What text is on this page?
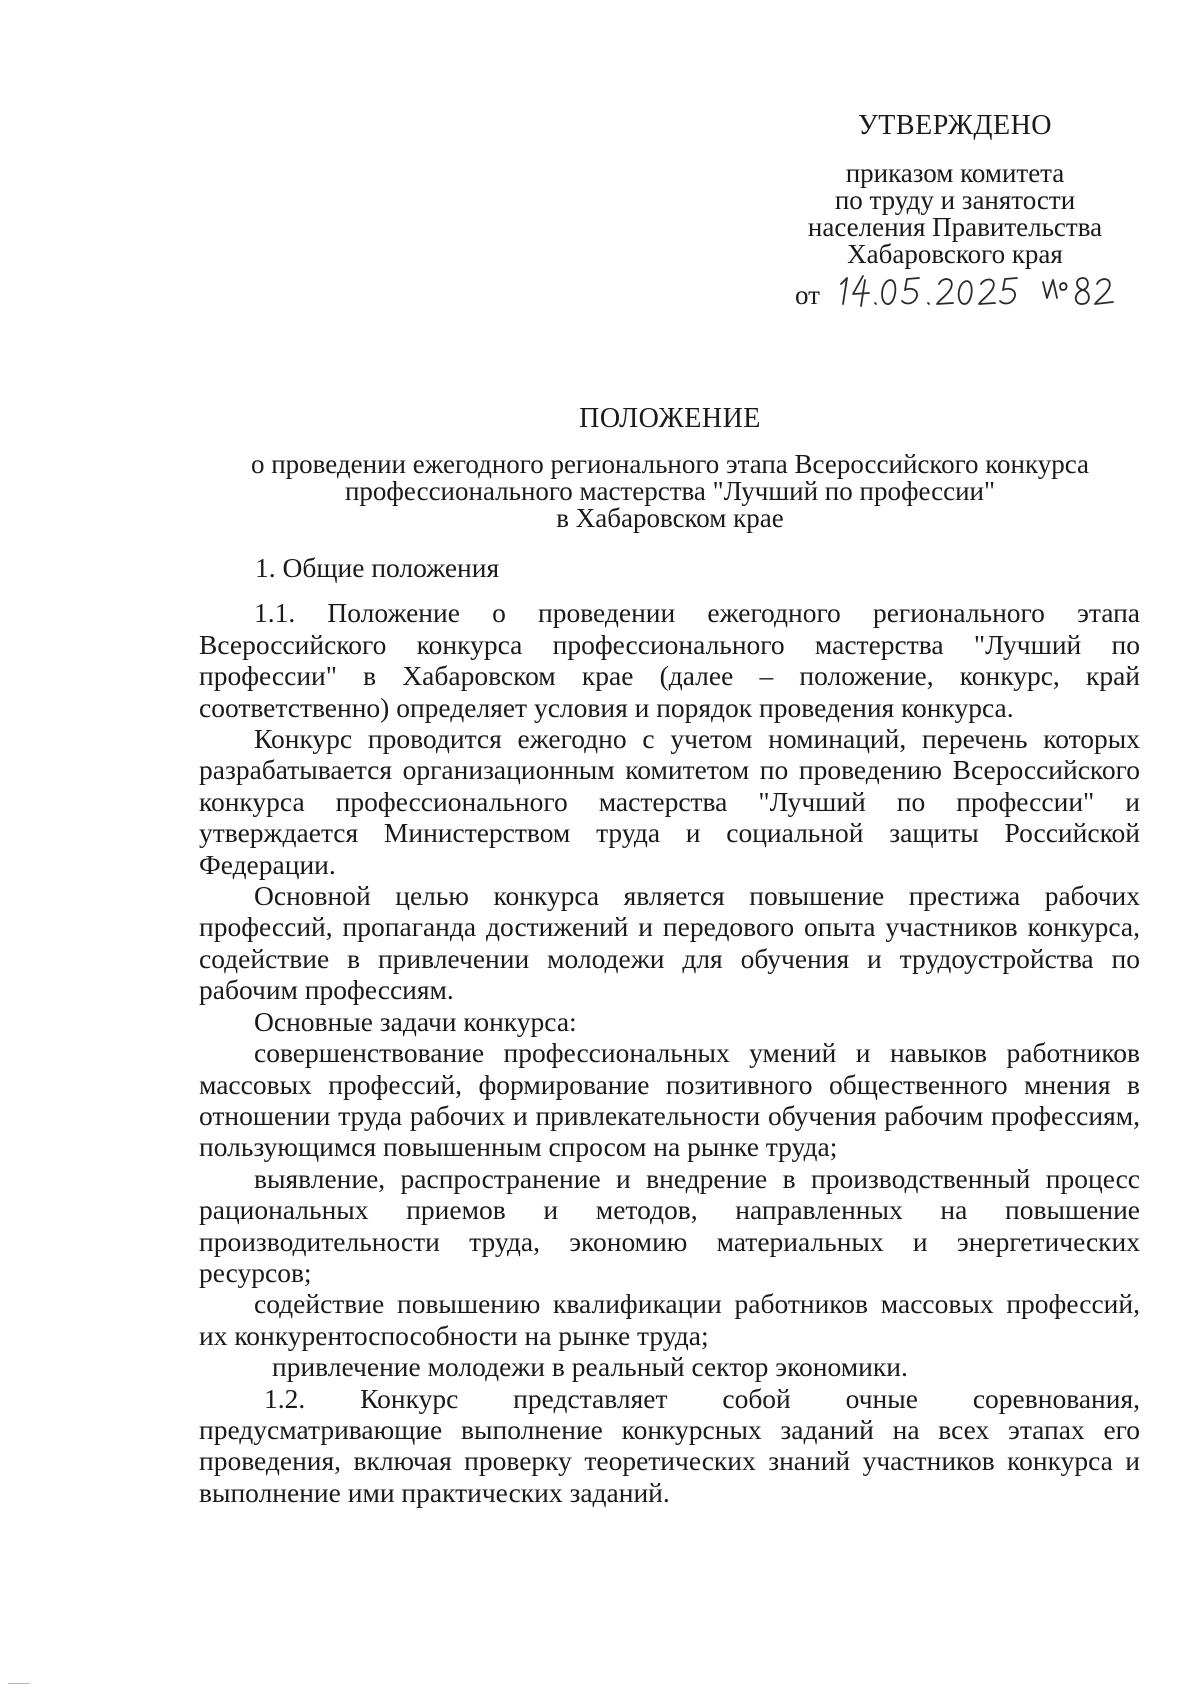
УТВЕРЖДЕНО
приказом комитета
по труду и занятости
населения Правительства
Хабаровского края
от
ПОЛОЖЕНИЕ
о проведении ежегодного регионального этапа Всероссийского конкурса
профессионального мастерства "Лучший по профессии"
в Хабаровском крае

1. Общие положения

1.1. Положение о проведении ежегодного регионального этапа Всероссийского конкурса профессионального мастерства "Лучший по профессии" в Хабаровском крае (далее – положение, конкурс, край соответственно) определяет условия и порядок проведения конкурса.

Конкурс проводится ежегодно с учетом номинаций, перечень которых разрабатывается организационным комитетом по проведению Всероссийского конкурса профессионального мастерства "Лучший по профессии" и утверждается Министерством труда и социальной защиты Российской Федерации.

Основной целью конкурса является повышение престижа рабочих профессий, пропаганда достижений и передового опыта участников конкурса, содействие в привлечении молодежи для обучения и трудоустройства по рабочим профессиям.

Основные задачи конкурса:

совершенствование профессиональных умений и навыков работников массовых профессий, формирование позитивного общественного мнения в отношении труда рабочих и привлекательности обучения рабочим профессиям, пользующимся повышенным спросом на рынке труда;

выявление, распространение и внедрение в производственный процесс рациональных приемов и методов, направленных на повышение производительности труда, экономию материальных и энергетических ресурсов;

содействие повышению квалификации работников массовых профессий, их конкурентоспособности на рынке труда;

привлечение молодежи в реальный сектор экономики.

1.2. Конкурс представляет собой очные соревнования, предусматривающие выполнение конкурсных заданий на всех этапах его проведения, включая проверку теоретических знаний участников конкурса и выполнение ими практических заданий.
